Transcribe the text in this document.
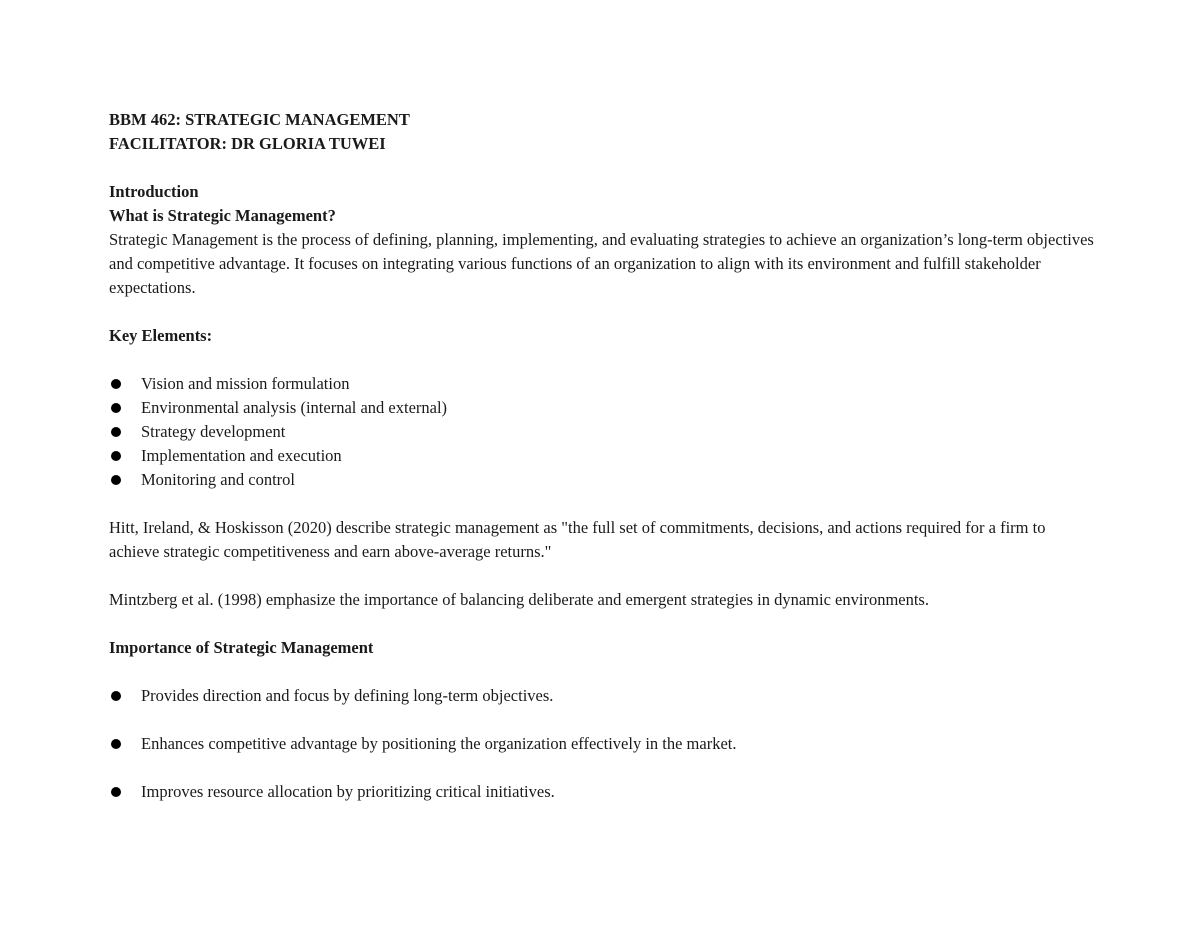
BBM 462: STRATEGIC MANAGEMENT
FACILITATOR: DR GLORIA TUWEI
Introduction
What is Strategic Management?

Strategic Management is the process of defining, planning, implementing, and evaluating strategies to achieve an organization’s long-term objectives and competitive advantage. It focuses on integrating various functions of an organization to align with its environment and fulfill stakeholder expectations.

Key Elements:
Vision and mission formulation
Environmental analysis (internal and external)
Strategy development
Implementation and execution
Monitoring and control

Hitt, Ireland, & Hoskisson (2020) describe strategic management as "the full set of commitments, decisions, and actions required for a firm to achieve strategic competitiveness and earn above-average returns."

Mintzberg et al. (1998) emphasize the importance of balancing deliberate and emergent strategies in dynamic environments.

Importance of Strategic Management
Provides direction and focus by defining long-term objectives.
Enhances competitive advantage by positioning the organization effectively in the market.
Improves resource allocation by prioritizing critical initiatives.
